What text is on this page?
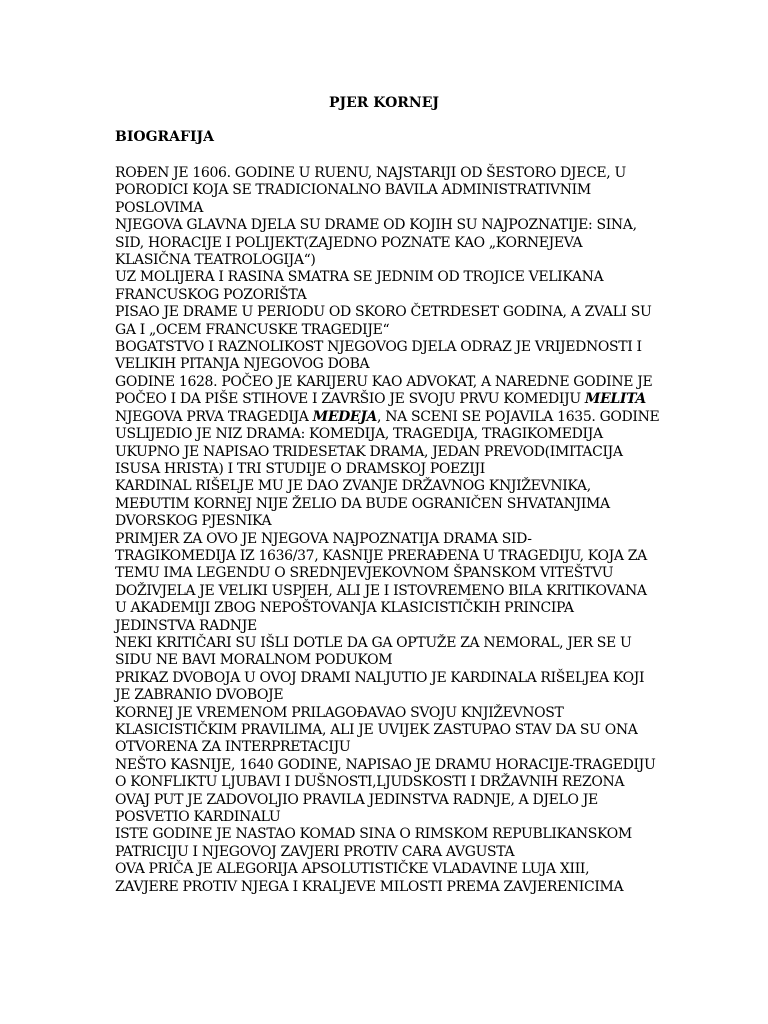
PJER KORNEJ
BIOGRAFIJA
ROĐEN JE 1606. GODINE U RUENU, NAJSTARIJI OD ŠESTORO DJECE, U
PORODICI KOJA SE TRADICIONALNO BAVILA ADMINISTRATIVNIM
POSLOVIMA
NJEGOVA GLAVNA DJELA SU DRAME OD KOJIH SU NAJPOZNATIJE: SINA,
SID, HORACIJE I POLIJEKT(ZAJEDNO POZNATE KAO „KORNEJEVA
KLASIČNA TEATROLOGIJA“)
UZ MOLIJERA I RASINA SMATRA SE JEDNIM OD TROJICE VELIKANA
FRANCUSKOG POZORIŠTA
PISAO JE DRAME U PERIODU OD SKORO ČETRDESET GODINA, A ZVALI SU
GA I „OCEM FRANCUSKE TRAGEDIJE“
BOGATSTVO I RAZNOLIKOST NJEGOVOG DJELA ODRAZ JE VRIJEDNOSTI I
VELIKIH PITANJA NJEGOVOG DOBA
GODINE 1628. POČEO JE KARIJERU KAO ADVOKAT, A NAREDNE GODINE JE
POČEO I DA PIŠE STIHOVE I ZAVRŠIO JE SVOJU PRVU KOMEDIJU MELITA
NJEGOVA PRVA TRAGEDIJA MEDEJA, NA SCENI SE POJAVILA 1635. GODINE
USLIJEDIO JE NIZ DRAMA: KOMEDIJA, TRAGEDIJA, TRAGIKOMEDIJA
UKUPNO JE NAPISAO TRIDESETAK DRAMA, JEDAN PREVOD(IMITACIJA
ISUSA HRISTA) I TRI STUDIJE O DRAMSKOJ POEZIJI
KARDINAL RIŠELJE MU JE DAO ZVANJE DRŽAVNOG KNJIŽEVNIKA,
MEĐUTIM KORNEJ NIJE ŽELIO DA BUDE OGRANIČEN SHVATANJIMA
DVORSKOG PJESNIKA
PRIMJER ZA OVO JE NJEGOVA NAJPOZNATIJA DRAMA SID-
TRAGIKOMEDIJA IZ 1636/37, KASNIJE PRERAĐENA U TRAGEDIJU, KOJA ZA
TEMU IMA LEGENDU O SREDNJEVJEKOVNOM ŠPANSKOM VITEŠTVU
DOŽIVJELA JE VELIKI USPJEH, ALI JE I ISTOVREMENO BILA KRITIKOVANA
U AKADEMIJI ZBOG NEPOŠTOVANJA KLASICISTIČKIH PRINCIPA
JEDINSTVA RADNJE
NEKI KRITIČARI SU IŠLI DOTLE DA GA OPTUŽE ZA NEMORAL, JER SE U
SIDU NE BAVI MORALNOM PODUKOM
PRIKAZ DVOBOJA U OVOJ DRAMI NALJUTIO JE KARDINALA RIŠELJEA KOJI
JE ZABRANIO DVOBOJE
KORNEJ JE VREMENOM PRILAGOĐAVAO SVOJU KNJIŽEVNOST
KLASICISTIČKIM PRAVILIMA, ALI JE UVIJEK ZASTUPAO STAV DA SU ONA
OTVORENA ZA INTERPRETACIJU
NEŠTO KASNIJE, 1640 GODINE, NAPISAO JE DRAMU HORACIJE-TRAGEDIJU
O KONFLIKTU LJUBAVI I DUŠNOSTI,LJUDSKOSTI I DRŽAVNIH REZONA
OVAJ PUT JE ZADOVOLJIO PRAVILA JEDINSTVA RADNJE, A DJELO JE
POSVETIO KARDINALU
ISTE GODINE JE NASTAO KOMAD SINA O RIMSKOM REPUBLIKANSKOM
PATRICIJU I NJEGOVOJ ZAVJERI PROTIV CARA AVGUSTA
OVA PRIČA JE ALEGORIJA APSOLUTISTIČKE VLADAVINE LUJA XIII,
ZAVJERE PROTIV NJEGA I KRALJEVE MILOSTI PREMA ZAVJERENICIMA
